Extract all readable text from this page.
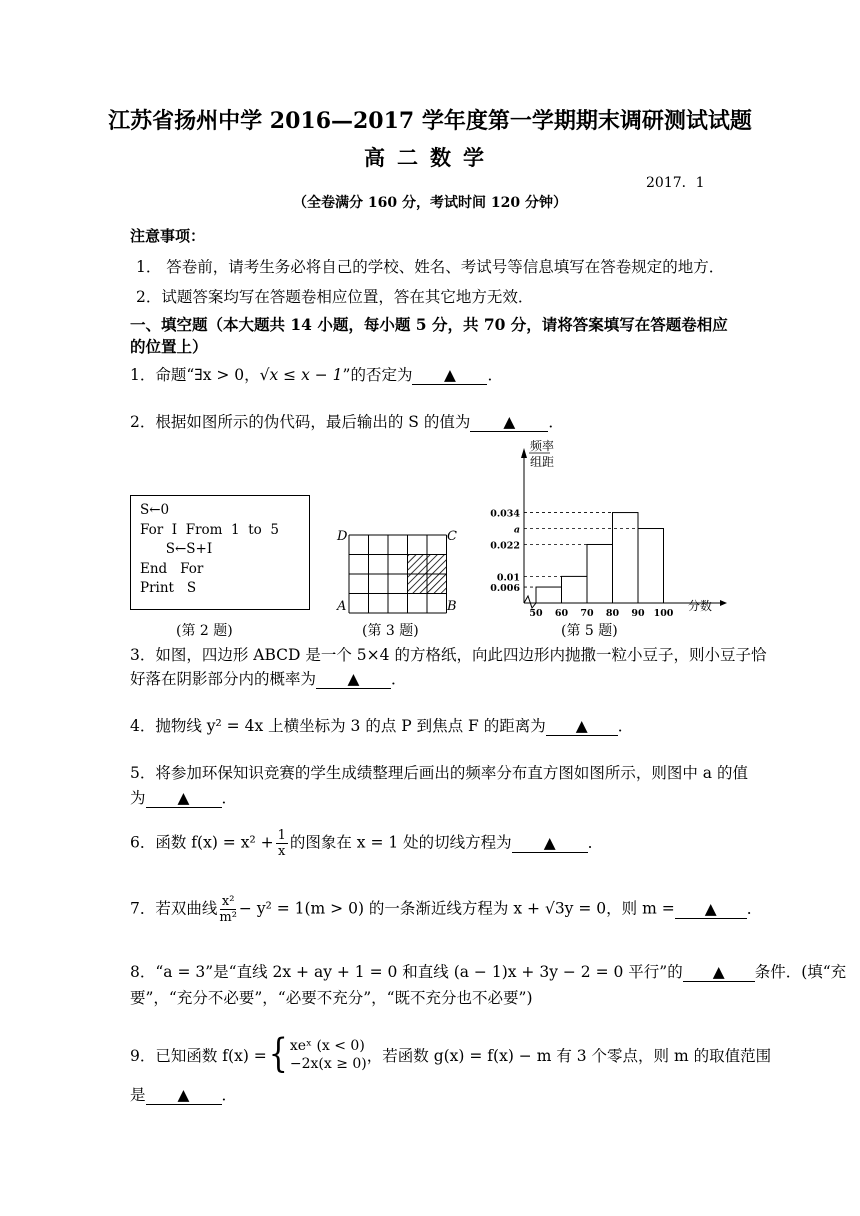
江苏省扬州中学 2016—2017 学年度第一学期期末调研测试试题
高二数学
2017．1
（全卷满分 160 分，考试时间 120 分钟）
注意事项：
1． 答卷前，请考生务必将自己的学校、姓名、考试号等信息填写在答卷规定的地方．
2．试题答案均写在答题卷相应位置，答在其它地方无效．
一、填空题（本大题共 14 小题，每小题 5 分，共 70 分，请将答案填写在答题卷相应的位置上）
1．命题“∃x > 0，√x ≤ x − 1”的否定为 ▲ ．
2．根据如图所示的伪代码，最后输出的 S 的值为 ▲ ．
S←0
For  I  From  1  to  5
S←S+I
End   For
Print   S
D	C
A	B
频率
组距
分数
0.034
a
0.022
0.01
0.006
50 60 70 80 90 100
(第 2 题)	(第 3 题)	(第 5 题)
3．如图，四边形 ABCD 是一个 5×4 的方格纸，向此四边形内抛撒一粒小豆子，则小豆子恰
好落在阴影部分内的概率为 ▲ ．
4．抛物线 y² = 4x 上横坐标为 3 的点 P 到焦点 F 的距离为 ▲ ．
5．将参加环保知识竞赛的学生成绩整理后画出的频率分布直方图如图所示，则图中 a 的值
为 ▲ ．
6．函数 $f(x) = x^2 + \frac{1}{x}$ 的图象在 x = 1 处的切线方程为 ▲ ．
7．若双曲线 $\frac{\text{x²}}{\text{m²}} - y^2 = 1(m > 0)$ 的一条渐近线方程为 x + √3y = 0，则 m = ▲ ．
8．“a = 3”是“直线 2x + ay + 1 = 0 和直线 (a − 1)x + 3y − 2 = 0 平行”的 ▲ 条件．(填“充
要”，“充分不必要”，“必要不充分”，“既不充分也不必要”)
9．已知函数 f(x) ={ xeˣ (x < 0)
−2x(x ≥ 0) ，若函数 g(x) = f(x) − m 有 3 个零点，则 m 的取值范围
是 ▲ ．
